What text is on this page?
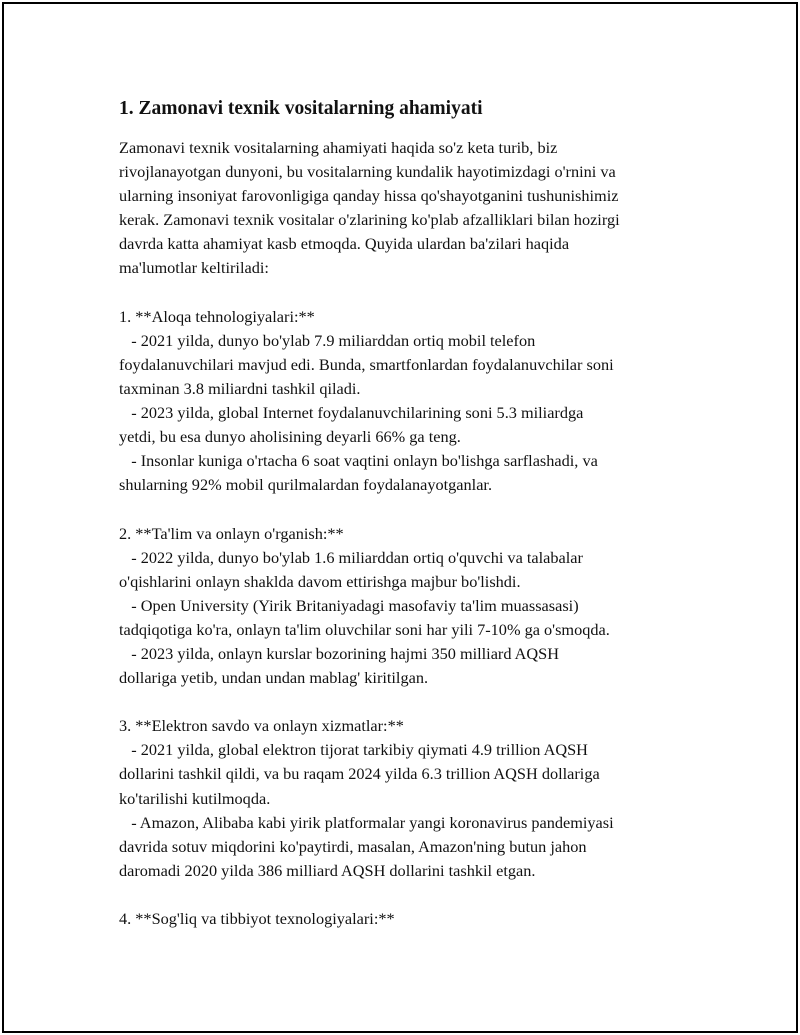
1. Zamonavi texnik vositalarning ahamiyati

Zamonavi texnik vositalarning ahamiyati haqida so'z keta turib, biz
rivojlanayotgan dunyoni, bu vositalarning kundalik hayotimizdagi o'rnini va
ularning insoniyat farovonligiga qanday hissa qo'shayotganini tushunishimiz
kerak. Zamonavi texnik vositalar o'zlarining ko'plab afzalliklari bilan hozirgi
davrda katta ahamiyat kasb etmoqda. Quyida ulardan ba'zilari haqida
ma'lumotlar keltiriladi:

1. **Aloqa tehnologiyalari:**

- 2021 yilda, dunyo bo'ylab 7.9 miliarddan ortiq mobil telefon
foydalanuvchilari mavjud edi. Bunda, smartfonlardan foydalanuvchilar soni
taxminan 3.8 miliardni tashkil qiladi.
- 2023 yilda, global Internet foydalanuvchilarining soni 5.3 miliardga
yetdi, bu esa dunyo aholisining deyarli 66% ga teng.
- Insonlar kuniga o'rtacha 6 soat vaqtini onlayn bo'lishga sarflashadi, va
shularning 92% mobil qurilmalardan foydalanayotganlar.

2. **Ta'lim va onlayn o'rganish:**

- 2022 yilda, dunyo bo'ylab 1.6 miliarddan ortiq o'quvchi va talabalar
o'qishlarini onlayn shaklda davom ettirishga majbur bo'lishdi.
- Open University (Yirik Britaniyadagi masofaviy ta'lim muassasasi)
tadqiqotiga ko'ra, onlayn ta'lim oluvchilar soni har yili 7-10% ga o'smoqda.
- 2023 yilda, onlayn kurslar bozorining hajmi 350 milliard AQSH
dollariga yetib, undan undan mablag' kiritilgan.

3. **Elektron savdo va onlayn xizmatlar:**

- 2021 yilda, global elektron tijorat tarkibiy qiymati 4.9 trillion AQSH
dollarini tashkil qildi, va bu raqam 2024 yilda 6.3 trillion AQSH dollariga
ko'tarilishi kutilmoqda.
- Amazon, Alibaba kabi yirik platformalar yangi koronavirus pandemiyasi
davrida sotuv miqdorini ko'paytirdi, masalan, Amazon'ning butun jahon
daromadi 2020 yilda 386 milliard AQSH dollarini tashkil etgan.

4. **Sog'liq va tibbiyot texnologiyalari:**
